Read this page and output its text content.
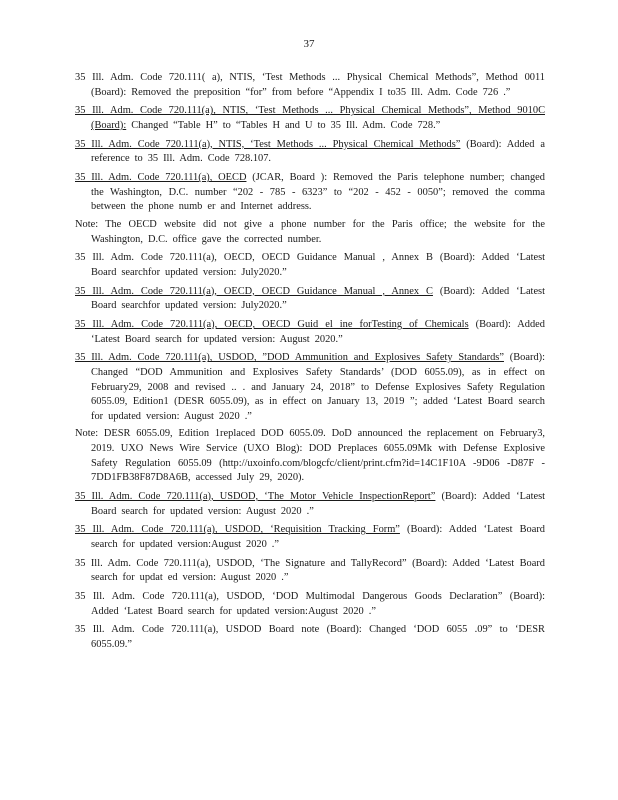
37
35 Ill. Adm. Code 720.111( a), NTIS, ‘Test Methods ... Physical Chemical Methods”, Method 0011 (Board): Removed the preposition “for” from before “Appendix I to35 Ill. Adm. Code 726 .”
35 Ill. Adm. Code 720.111(a), NTIS, ‘Test Methods ... Physical Chemical Methods”, Method 9010C (Board): Changed “Table H” to “Tables H and U to 35 Ill. Adm. Code 728.”
35 Ill. Adm. Code 720.111(a), NTIS, ‘Test Methods ... Physical Chemical Methods” (Board): Added a reference to 35 Ill. Adm. Code 728.107.
35 Ill. Adm. Code 720.111(a), OECD (JCAR, Board ): Removed the Paris telephone number; changed the Washington, D.C. number “202 - 785 - 6323” to “202 - 452 - 0050”; removed the comma between the phone numb er and Internet address.
Note: The OECD website did not give a phone number for the Paris office; the website for the Washington, D.C. office gave the corrected number.
35 Ill. Adm. Code 720.111(a), OECD, OECD Guidance Manual , Annex B (Board): Added ‘Latest Board searchfor updated version: July2020.”
35 Ill. Adm. Code 720.111(a), OECD, OECD Guidance Manual , Annex C (Board): Added ‘Latest Board searchfor updated version: July2020.”
35 Ill. Adm. Code 720.111(a), OECD, OECD Guid el ine forTesting of Chemicals (Board): Added ‘Latest Board search for updated version: August 2020.”
35 Ill. Adm. Code 720.111(a), USDOD, ”DOD Ammunition and Explosives Safety Standards” (Board): Changed “DOD Ammunition and Explosives Safety Standards’ (DOD 6055.09), as in effect on February29, 2008 and revised .. . and January 24, 2018” to Defense Explosives Safety Regulation 6055.09, Edition1 (DESR 6055.09), as in effect on January 13, 2019 ”; added ‘Latest Board search for updated version: August 2020 .”
Note: DESR 6055.09, Edition 1replaced DOD 6055.09. DoD announced the replacement on February3, 2019. UXO News Wire Service (UXO Blog): DOD Preplaces 6055.09Mk with Defense Explosive Safety Regulation 6055.09 (http://uxoinfo.com/blogcfc/client/print.cfm?id=14C1F10A -9D06 -D87F - 7DD1FB38F87D8A6B, accessed July 29, 2020).
35 Ill. Adm. Code 720.111(a), USDOD, ‘The Motor Vehicle InspectionReport” (Board): Added ‘Latest Board search for updated version: August 2020 .”
35 Ill. Adm. Code 720.111(a), USDOD, ‘Requisition Tracking Form” (Board): Added ‘Latest Board search for updated version:August 2020 .”
35 Ill. Adm. Code 720.111(a), USDOD, ‘The Signature and TallyRecord” (Board): Added ‘Latest Board search for updat ed version: August 2020 .”
35 Ill. Adm. Code 720.111(a), USDOD, ‘DOD Multimodal Dangerous Goods Declaration” (Board): Added ‘Latest Board search for updated version:August 2020 .”
35 Ill. Adm. Code 720.111(a), USDOD Board note (Board): Changed ‘DOD 6055 .09” to ‘DESR 6055.09.”
